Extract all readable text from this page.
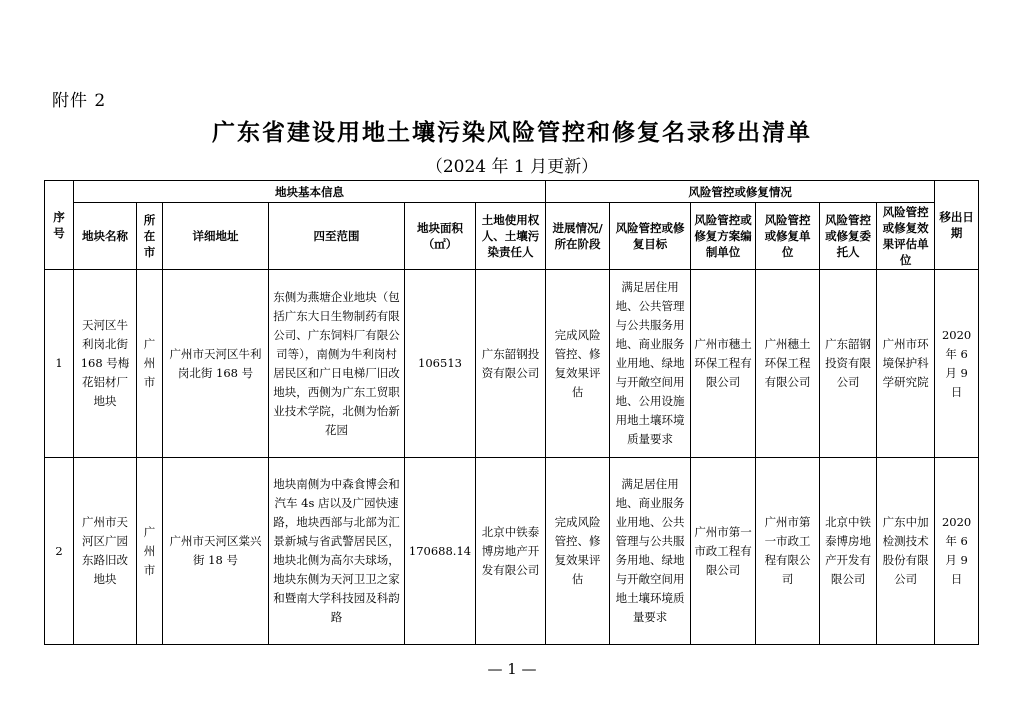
附件 2
广东省建设用地土壤污染风险管控和修复名录移出清单
（2024 年 1 月更新）
序号	地块基本信息						风险管控或修复情况						移出日期
	地块名称	所在市	详细地址	四至范围	地块面积（㎡）	土地使用权人、土壤污染责任人	进展情况/所在阶段	风险管控或修复目标	风险管控或修复方案编制单位	风险管控或修复单位	风险管控或修复委托人	风险管控或修复效果评估单位	
1	天河区牛利岗北街 168 号梅花铝材厂地块	广州市	广州市天河区牛利岗北街 168 号	东侧为燕塘企业地块（包括广东大日生物制药有限公司、广东饲料厂有限公司等），南侧为牛利岗村居民区和广日电梯厂旧改地块，西侧为广东工贸职业技术学院，北侧为怡新花园	106513	广东韶钢投资有限公司	完成风险管控、修复效果评估	满足居住用地、公共管理与公共服务用地、商业服务业用地、绿地与开敞空间用地、公用设施用地土壤环境质量要求	广州市穗土环保工程有限公司	广州穗土环保工程有限公司	广东韶钢投资有限公司	广州市环境保护科学研究院	2020 年 6 月 9 日
2	广州市天河区广园东路旧改地块	广州市	广州市天河区棠兴街 18 号	地块南侧为中森食博会和汽车 4s 店以及广园快速路，地块西部与北部为汇景新城与省武警居民区，地块北侧为高尔夫球场，地块东侧为天河卫卫之家和暨南大学科技园及科韵路	170688.14	北京中铁泰博房地产开发有限公司	完成风险管控、修复效果评估	满足居住用地、商业服务业用地、公共管理与公共服务用地、绿地与开敞空间用地土壤环境质量要求	广州市第一市政工程有限公司	广州市第一市政工程有限公司	北京中铁泰博房地产开发有限公司	广东中加检测技术股份有限公司	2020 年 6 月 9 日
— 1 —
